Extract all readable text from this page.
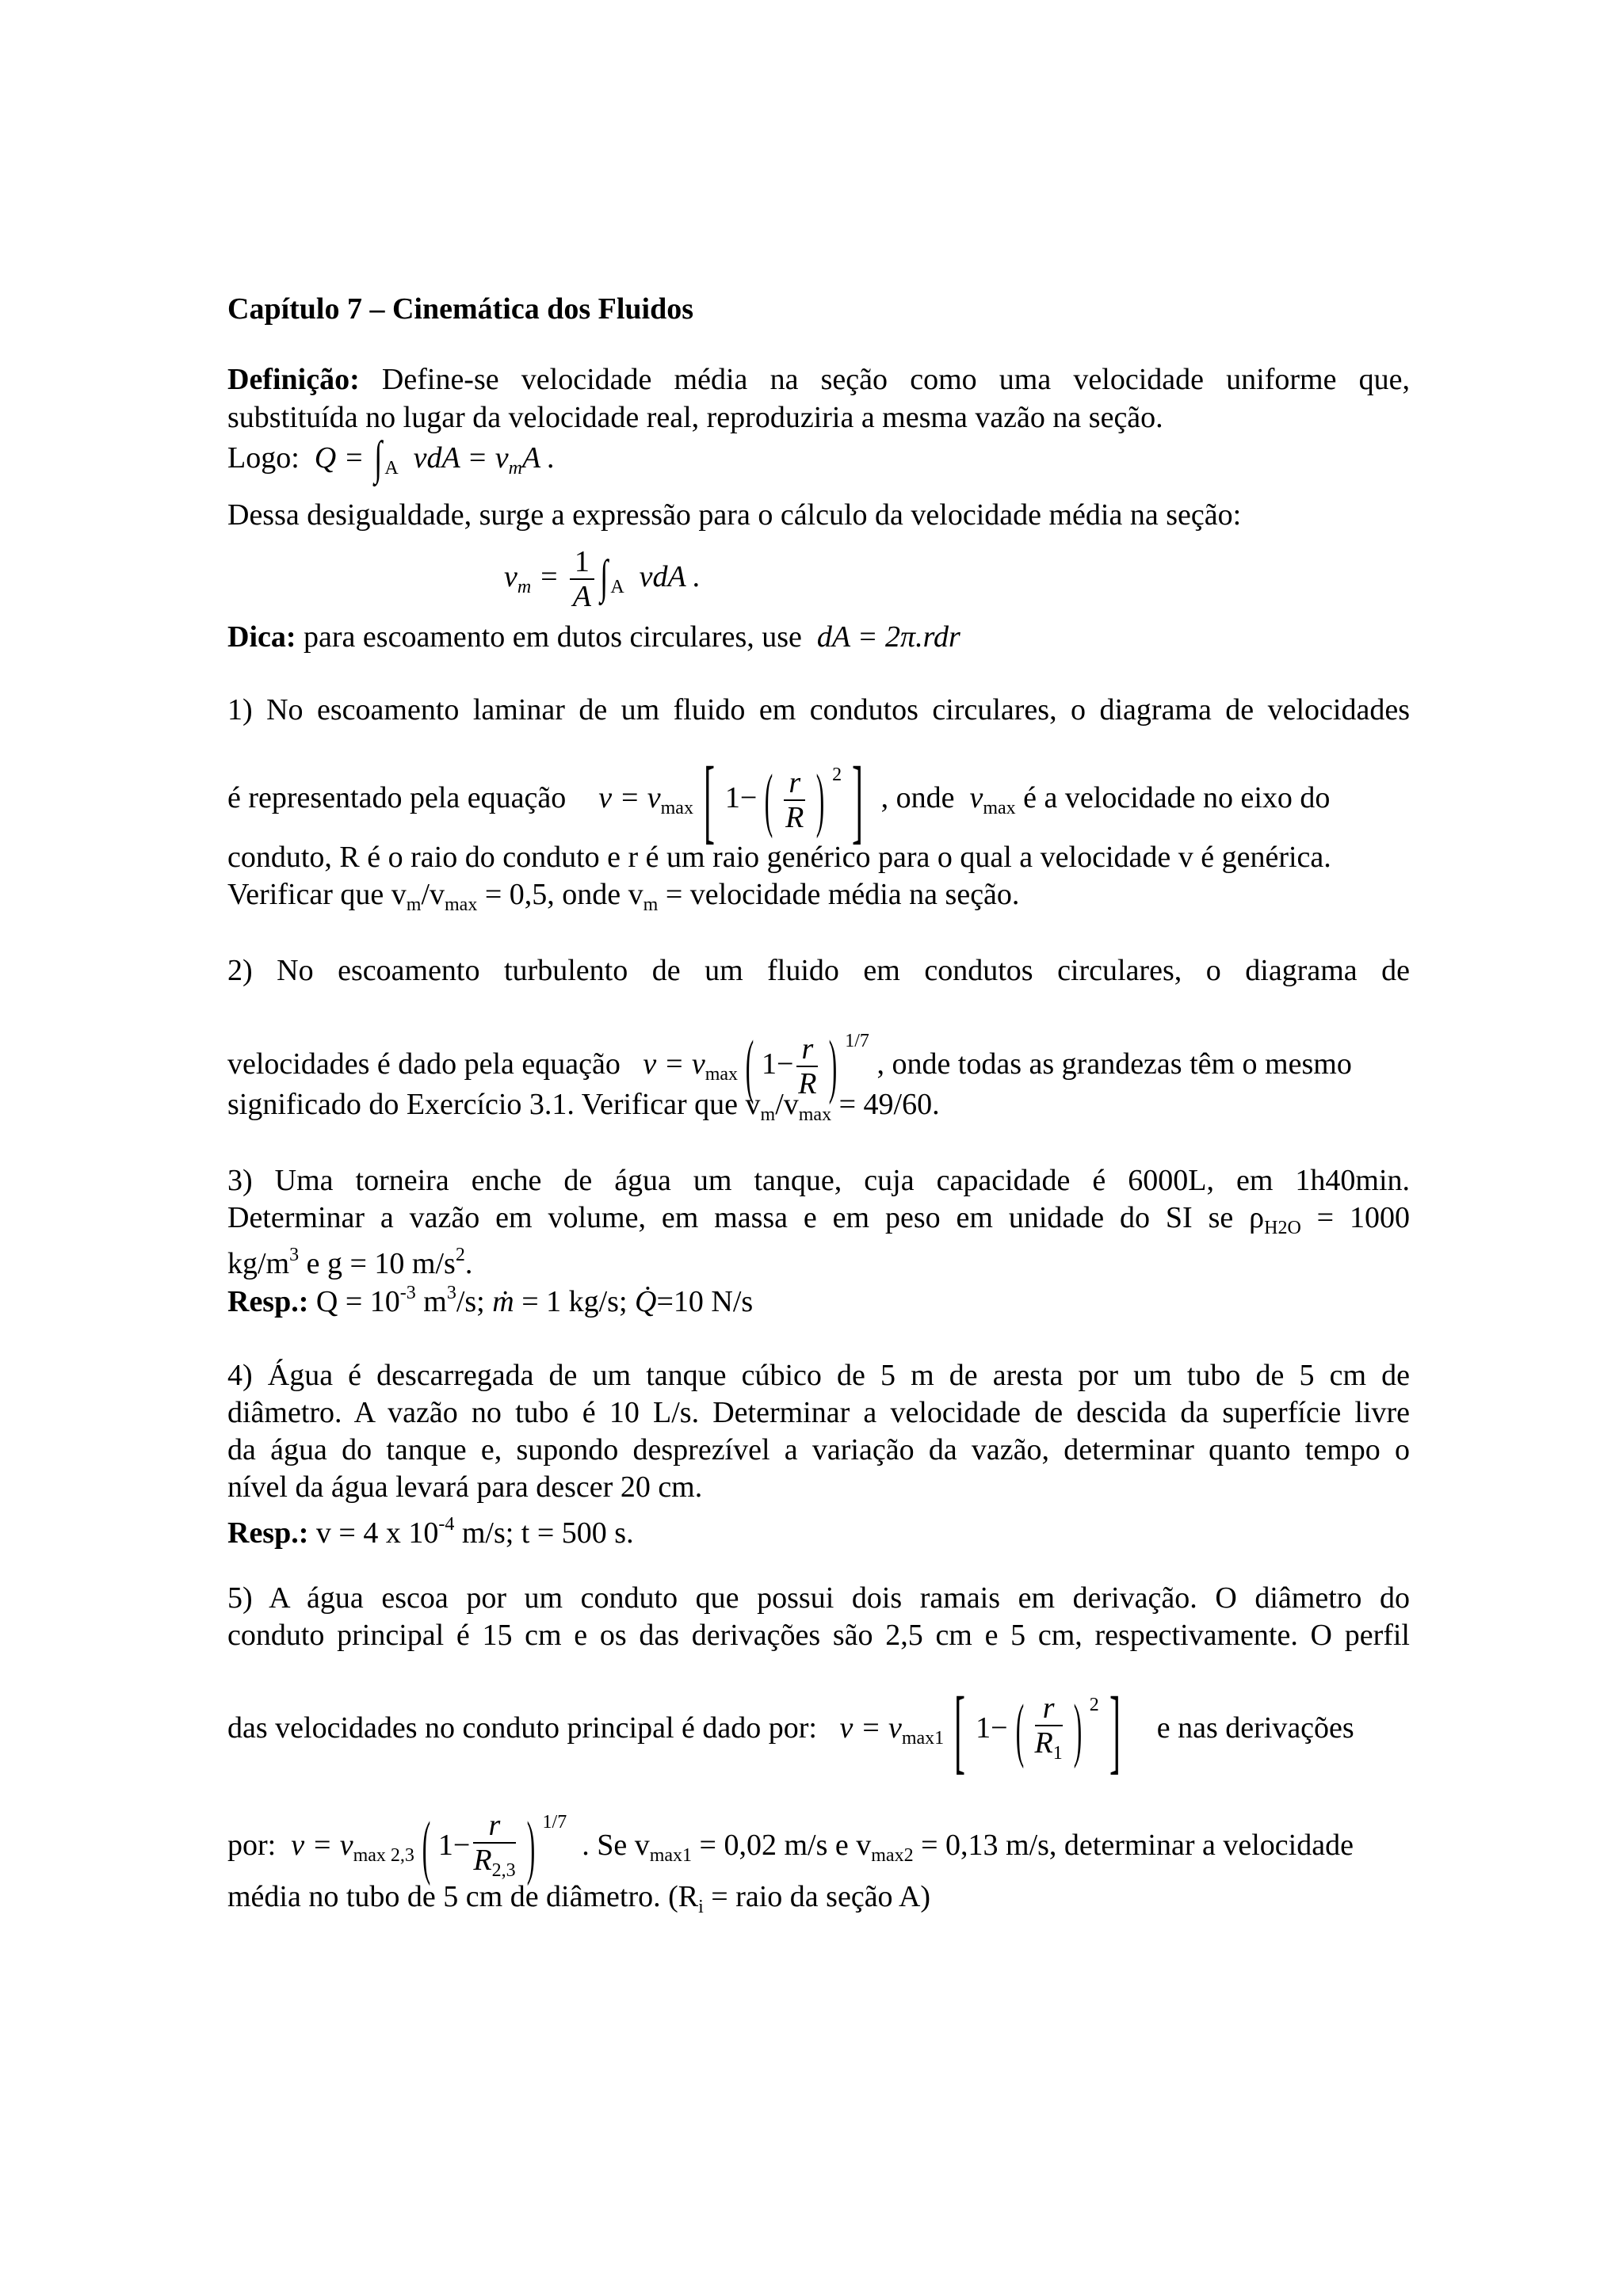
Capítulo 7 – Cinemática dos Fluidos
Definição: Define-se velocidade média na seção como uma velocidade uniforme que,
substituída no lugar da velocidade real, reproduziria a mesma vazão na seção.
Logo:  Q = ∫ $_A$  vdA = $v_mA$ .
Dessa desigualdade, surge a expressão para o cálculo da velocidade média na seção:
$v_m = \frac{1}{A}$ ∫ $_A$  vdA .
Dica: para escoamento em dutos circulares, use  dA = 2π.rdr
1) No escoamento laminar de um fluido em condutos circulares, o diagrama de velocidades
é representado pela equação $v = v_{max}$ [ 1− ( $\frac{r}{R}$ ) $^2$ ] , onde  $v_{max}$ é a velocidade no eixo do
conduto, R é o raio do conduto e r é um raio genérico para o qual a velocidade v é genérica.
Verificar que $v_m/v_{max} = 0,5$, onde $v_m$ = velocidade média na seção.
2) No escoamento turbulento de um fluido em condutos circulares, o diagrama de
velocidades é dado pela equação   $v = v_{max}$ ( $1- \frac{r}{R}$ ) $^{1/7}$ , onde todas as grandezas têm o mesmo
significado do Exercício 3.1. Verificar que $v_m/v_{max} = 49/60$.
3) Uma torneira enche de água um tanque, cuja capacidade é 6000L, em 1h40min.
Determinar a vazão em volume, em massa e em peso em unidade do SI se $\rho_{H2O} = 1000$
$kg/m^3$ e g = 10 $m/s^2$.
Resp.: $Q = 10^{-3}$ $m^3/s$; ṁ = 1 kg/s; Q̇=10 N/s
4) Água é descarregada de um tanque cúbico de 5 m de aresta por um tubo de 5 cm de
diâmetro. A vazão no tubo é 10 L/s. Determinar a velocidade de descida da superfície livre
da água do tanque e, supondo desprezível a variação da vazão, determinar quanto tempo o
nível da água levará para descer 20 cm.
Resp.: v = 4 x $10^{-4}$ m/s; t = 500 s.
5) A água escoa por um conduto que possui dois ramais em derivação. O diâmetro do
conduto principal é 15 cm e os das derivações são 2,5 cm e 5 cm, respectivamente. O perfil
das velocidades no conduto principal é dado por:   $v = v_{max1}$ [ 1− ( $\frac{r}{R_1}$ ) $^2$ ] e nas derivações
por:  $v = v_{max 2,3}$ ( $1- \frac{r}{R_{2,3}}$ ) $^{1/7}$  . Se $v_{max1} = 0,02$ m/s e $v_{max2} = 0,13$ m/s, determinar a velocidade
média no tubo de 5 cm de diâmetro. ($R_i$ = raio da seção A)
